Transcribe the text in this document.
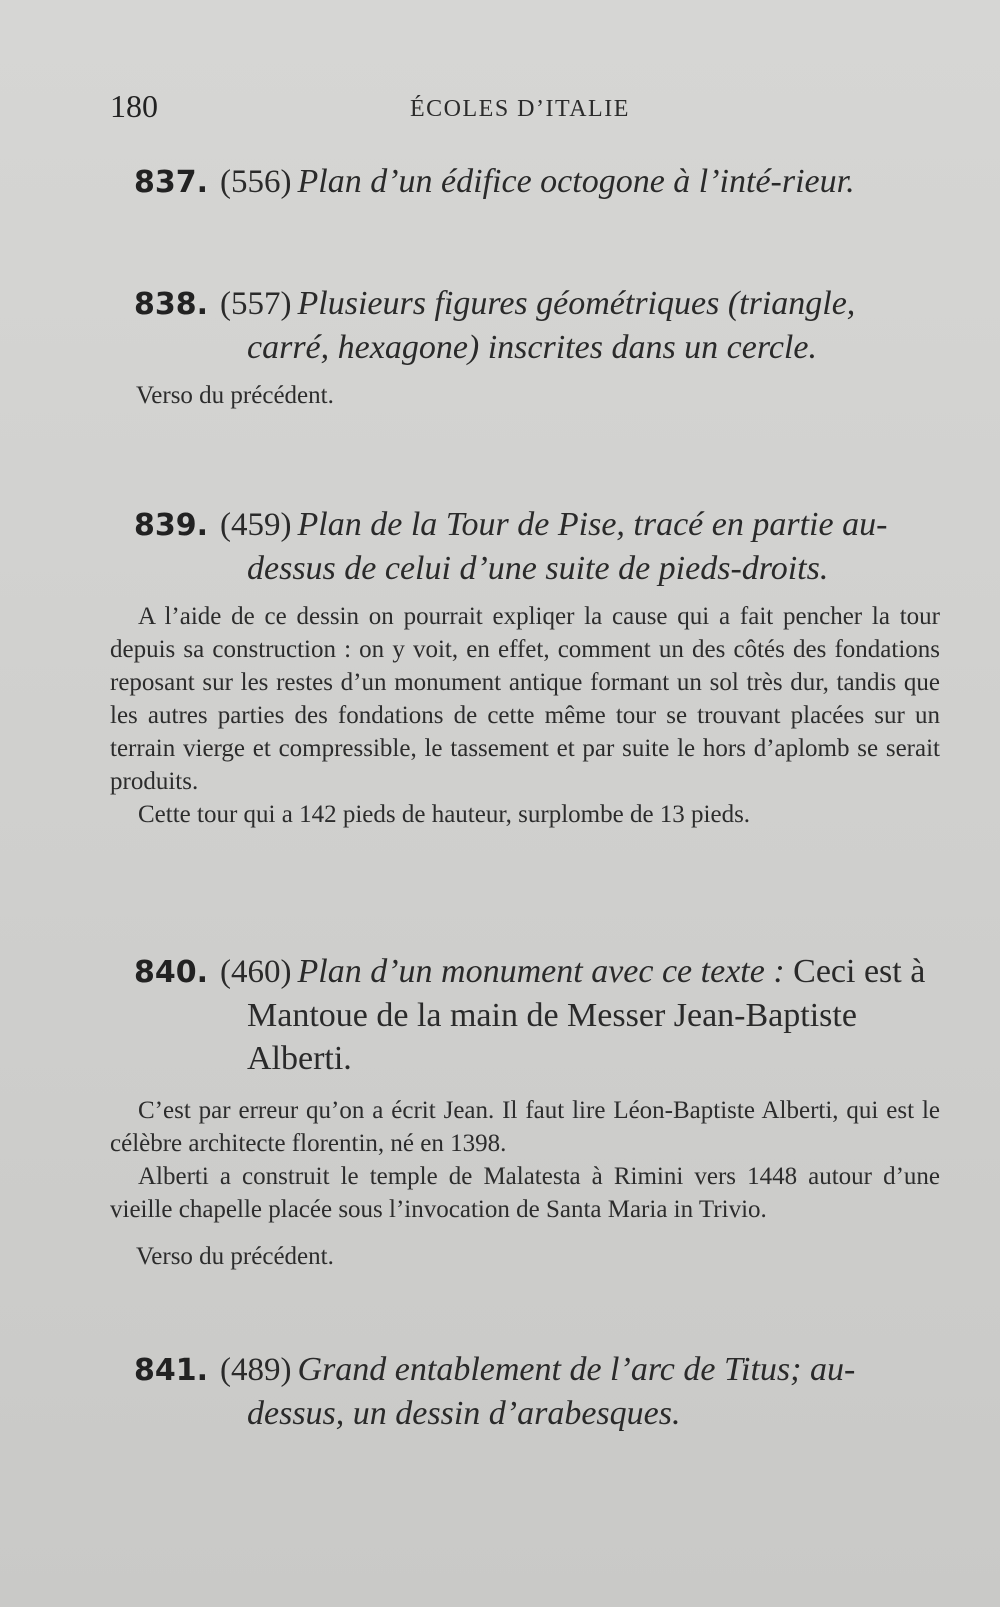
180	ÉCOLES D’ITALIE
837. (556) Plan d’un édifice octogone à l’inté-rieur.
838. (557) Plusieurs figures géométriques (triangle, carré, hexagone) inscrites dans un cercle.

Verso du précédent.

839. (459) Plan de la Tour de Pise, tracé en partie au-dessus de celui d’une suite de pieds-droits.

A l’aide de ce dessin on pourrait expliqer la cause qui a fait pencher la tour depuis sa construction : on y voit, en effet, comment un des côtés des fondations reposant sur les restes d’un monument antique formant un sol très dur, tandis que les autres parties des fondations de cette même tour se trouvant placées sur un terrain vierge et compressible, le tassement et par suite le hors d’aplomb se serait produits.

Cette tour qui a 142 pieds de hauteur, surplombe de 13 pieds.

840. (460) Plan d’un monument avec ce texte : Ceci est à Mantoue de la main de Messer Jean-Baptiste Alberti.

C’est par erreur qu’on a écrit Jean. Il faut lire Léon-Baptiste Alberti, qui est le célèbre architecte florentin, né en 1398.

Alberti a construit le temple de Malatesta à Rimini vers 1448 autour d’une vieille chapelle placée sous l’invocation de Santa Maria in Trivio.

Verso du précédent.

841. (489) Grand entablement de l’arc de Titus; au-dessus, un dessin d’arabesques.
